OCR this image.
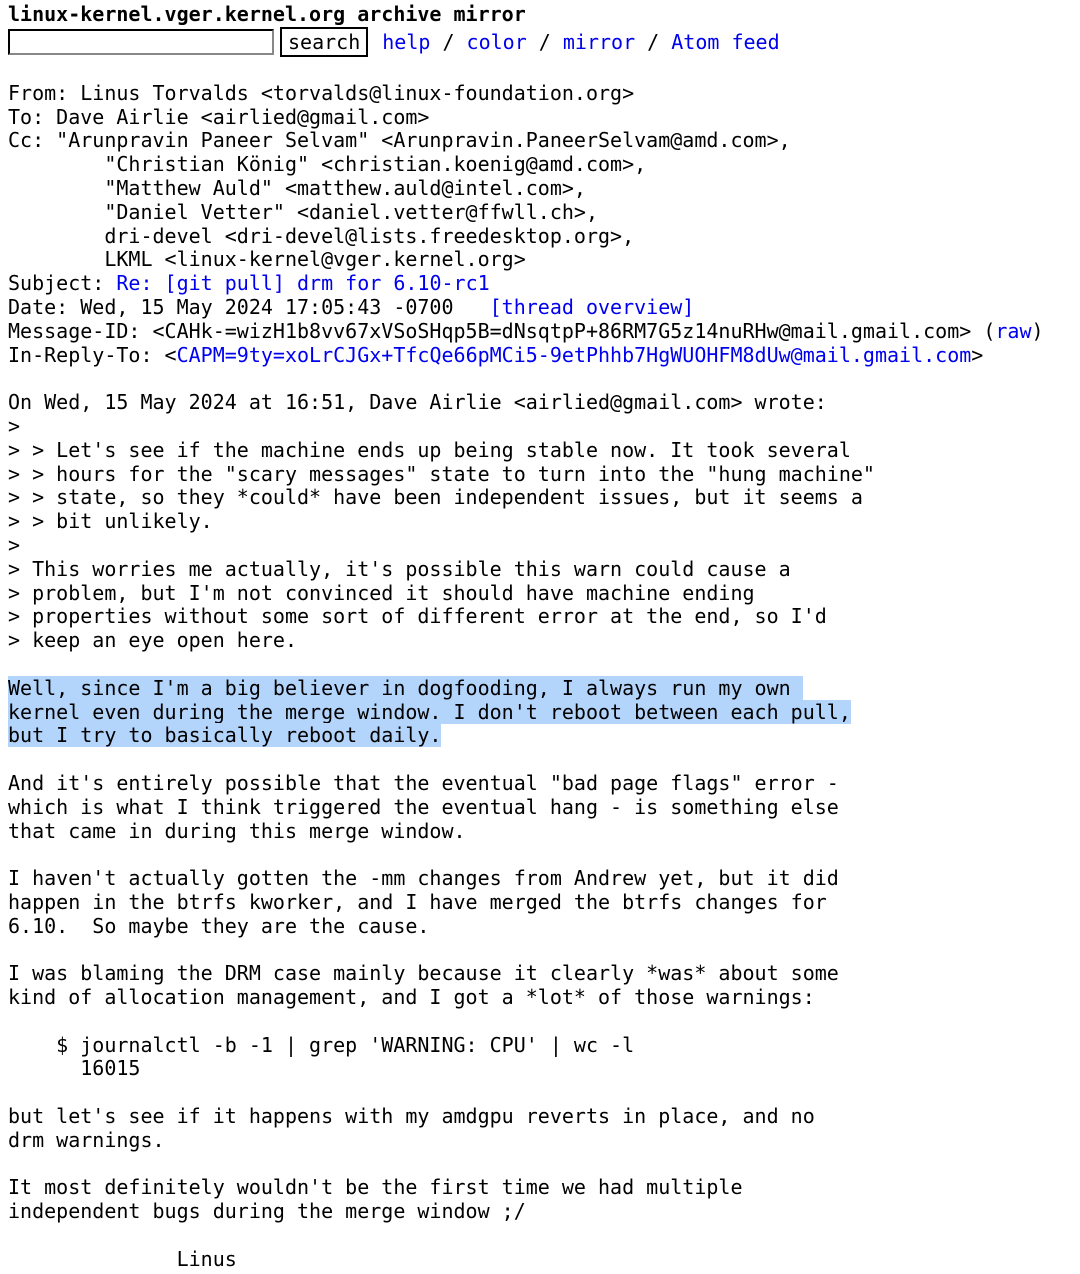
linux-kernel.vger.kernel.org archive mirror
search	help / color / mirror / Atom feed
From: Linus Torvalds <torvalds@linux-foundation.org>
To: Dave Airlie <airlied@gmail.com>
Cc: "Arunpravin Paneer Selvam" <Arunpravin.PaneerSelvam@amd.com>,
"Christian König" <christian.koenig@amd.com>,
"Matthew Auld" <matthew.auld@intel.com>,
"Daniel Vetter" <daniel.vetter@ffwll.ch>,
dri-devel <dri-devel@lists.freedesktop.org>,
LKML <linux-kernel@vger.kernel.org>
Subject: Re: [git pull] drm for 6.10-rc1
Date: Wed, 15 May 2024 17:05:43 -0700   [thread overview]
Message-ID: <CAHk-=wizH1b8vv67xVSoSHqp5B=dNsqtpP+86RM7G5z14nuRHw@mail.gmail.com> (raw)
In-Reply-To: <CAPM=9ty=xoLrCJGx+TfcQe66pMCi5-9etPhhb7HgWUOHFM8dUw@mail.gmail.com>
On Wed, 15 May 2024 at 16:51, Dave Airlie <airlied@gmail.com> wrote:
>
> > Let's see if the machine ends up being stable now. It took several
> > hours for the "scary messages" state to turn into the "hung machine"
> > state, so they *could* have been independent issues, but it seems a
> > bit unlikely.
>
> This worries me actually, it's possible this warn could cause a
> problem, but I'm not convinced it should have machine ending
> properties without some sort of different error at the end, so I'd
> keep an eye open here.
Well, since I'm a big believer in dogfooding, I always run my own
kernel even during the merge window. I don't reboot between each pull,
but I try to basically reboot daily.
And it's entirely possible that the eventual "bad page flags" error -
which is what I think triggered the eventual hang - is something else
that came in during this merge window.

I haven't actually gotten the -mm changes from Andrew yet, but it did
happen in the btrfs kworker, and I have merged the btrfs changes for
6.10.  So maybe they are the cause.

I was blaming the DRM case mainly because it clearly *was* about some
kind of allocation management, and I got a *lot* of those warnings:

$ journalctl -b -1 | grep 'WARNING: CPU' | wc -l
16015

but let's see if it happens with my amdgpu reverts in place, and no
drm warnings.

It most definitely wouldn't be the first time we had multiple
independent bugs during the merge window ;/

Linus
